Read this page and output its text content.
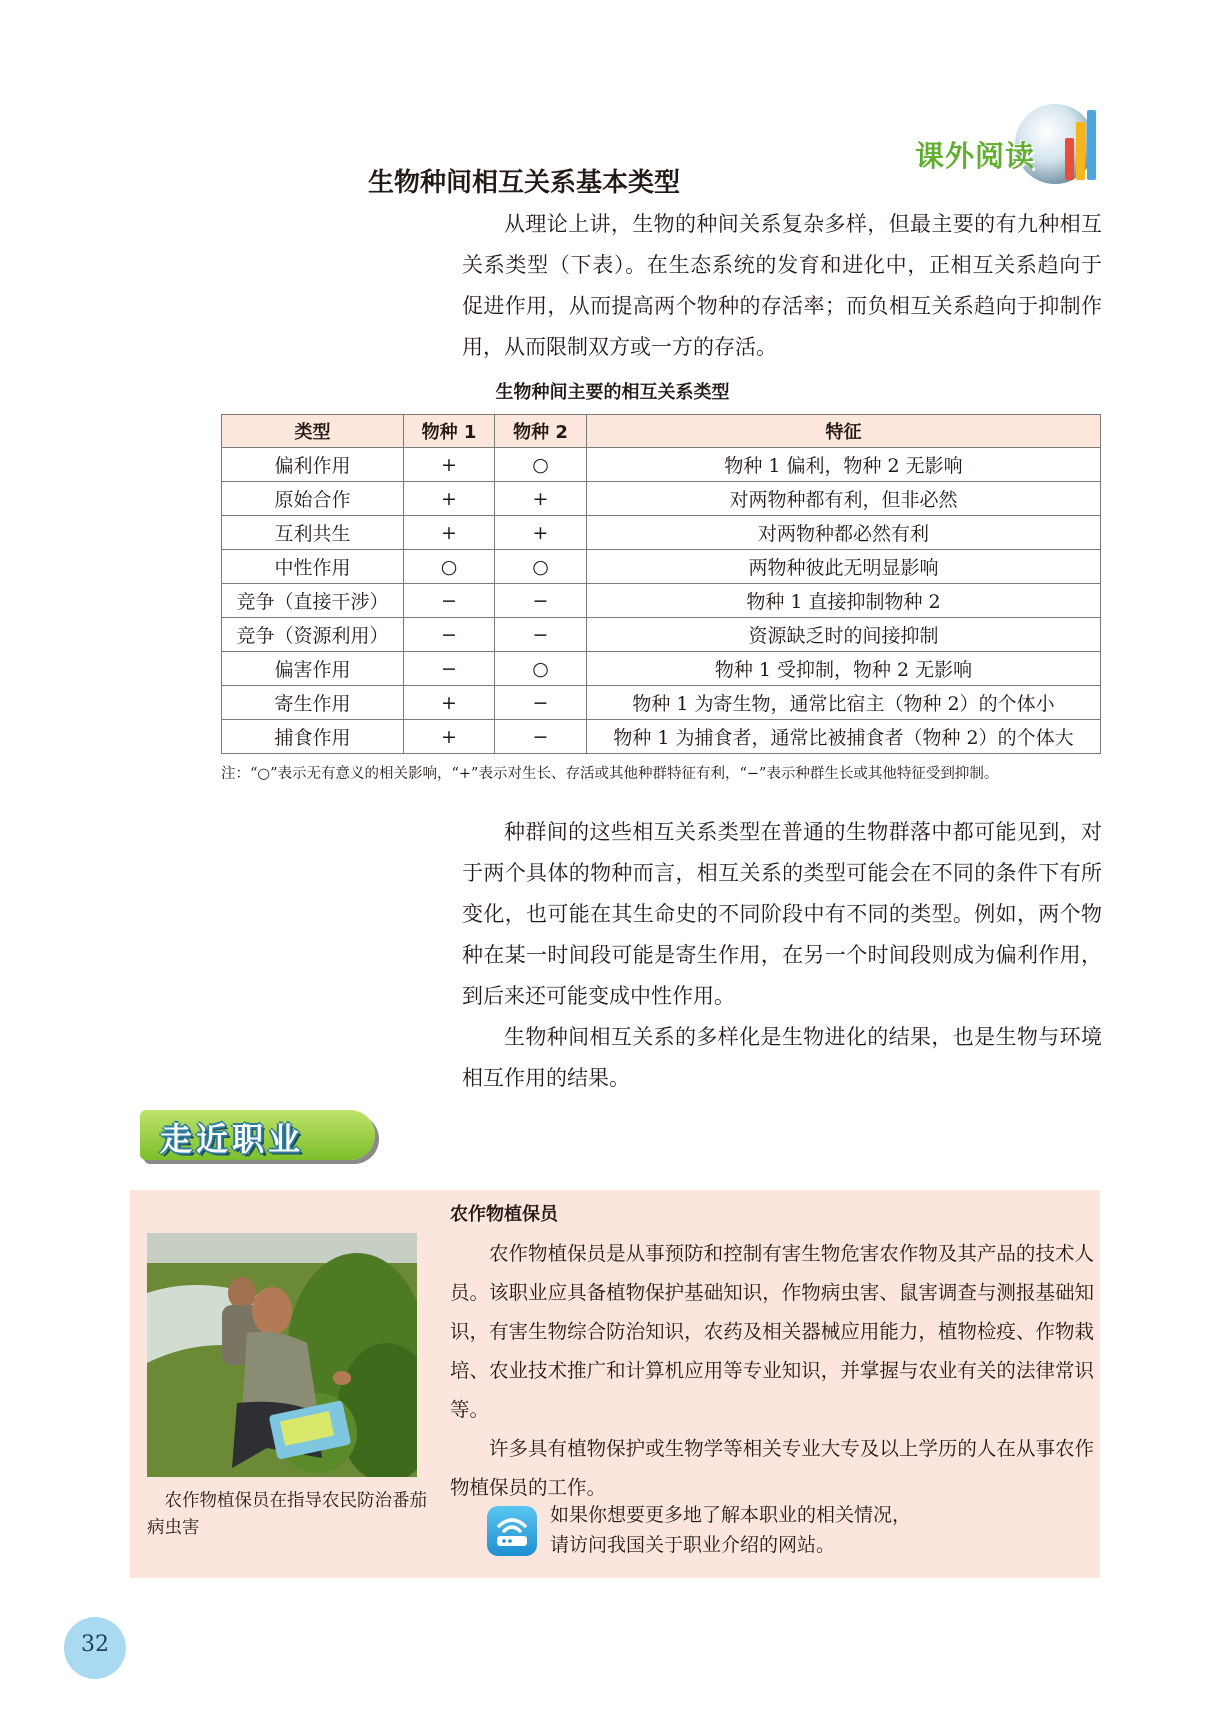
课外阅读
生物种间相互关系基本类型

从理论上讲，生物的种间关系复杂多样，但最主要的有九种相互关系类型（下表）。在生态系统的发育和进化中，正相互关系趋向于促进作用，从而提高两个物种的存活率；而负相互关系趋向于抑制作用，从而限制双方或一方的存活。

生物种间主要的相互关系类型
类型	物种 1	物种 2	特征
偏利作用	+	○	物种 1 偏利，物种 2 无影响
原始合作	+	+	对两物种都有利，但非必然
互利共生	+	+	对两物种都必然有利
中性作用	○	○	两物种彼此无明显影响
竞争（直接干涉）	−	−	物种 1 直接抑制物种 2
竞争（资源利用）	−	−	资源缺乏时的间接抑制
偏害作用	−	○	物种 1 受抑制，物种 2 无影响
寄生作用	+	−	物种 1 为寄生物，通常比宿主（物种 2）的个体小
捕食作用	+	−	物种 1 为捕食者，通常比被捕食者（物种 2）的个体大
注：“○”表示无有意义的相关影响，“+”表示对生长、存活或其他种群特征有利，“−”表示种群生长或其他特征受到抑制。

种群间的这些相互关系类型在普通的生物群落中都可能见到，对于两个具体的物种而言，相互关系的类型可能会在不同的条件下有所变化，也可能在其生命史的不同阶段中有不同的类型。例如，两个物种在某一时间段可能是寄生作用，在另一个时间段则成为偏利作用，到后来还可能变成中性作用。

生物种间相互关系的多样化是生物进化的结果，也是生物与环境相互作用的结果。

走近职业
农作物植保员

农作物植保员是从事预防和控制有害生物危害农作物及其产品的技术人员。该职业应具备植物保护基础知识，作物病虫害、鼠害调查与测报基础知识，有害生物综合防治知识，农药及相关器械应用能力，植物检疫、作物栽培、农业技术推广和计算机应用等专业知识，并掌握与农业有关的法律常识等。

许多具有植物保护或生物学等相关专业大专及以上学历的人在从事农作物植保员的工作。

农作物植保员在指导农民防治番茄病虫害
如果你想要更多地了解本职业的相关情况，
请访问我国关于职业介绍的网站。
32
